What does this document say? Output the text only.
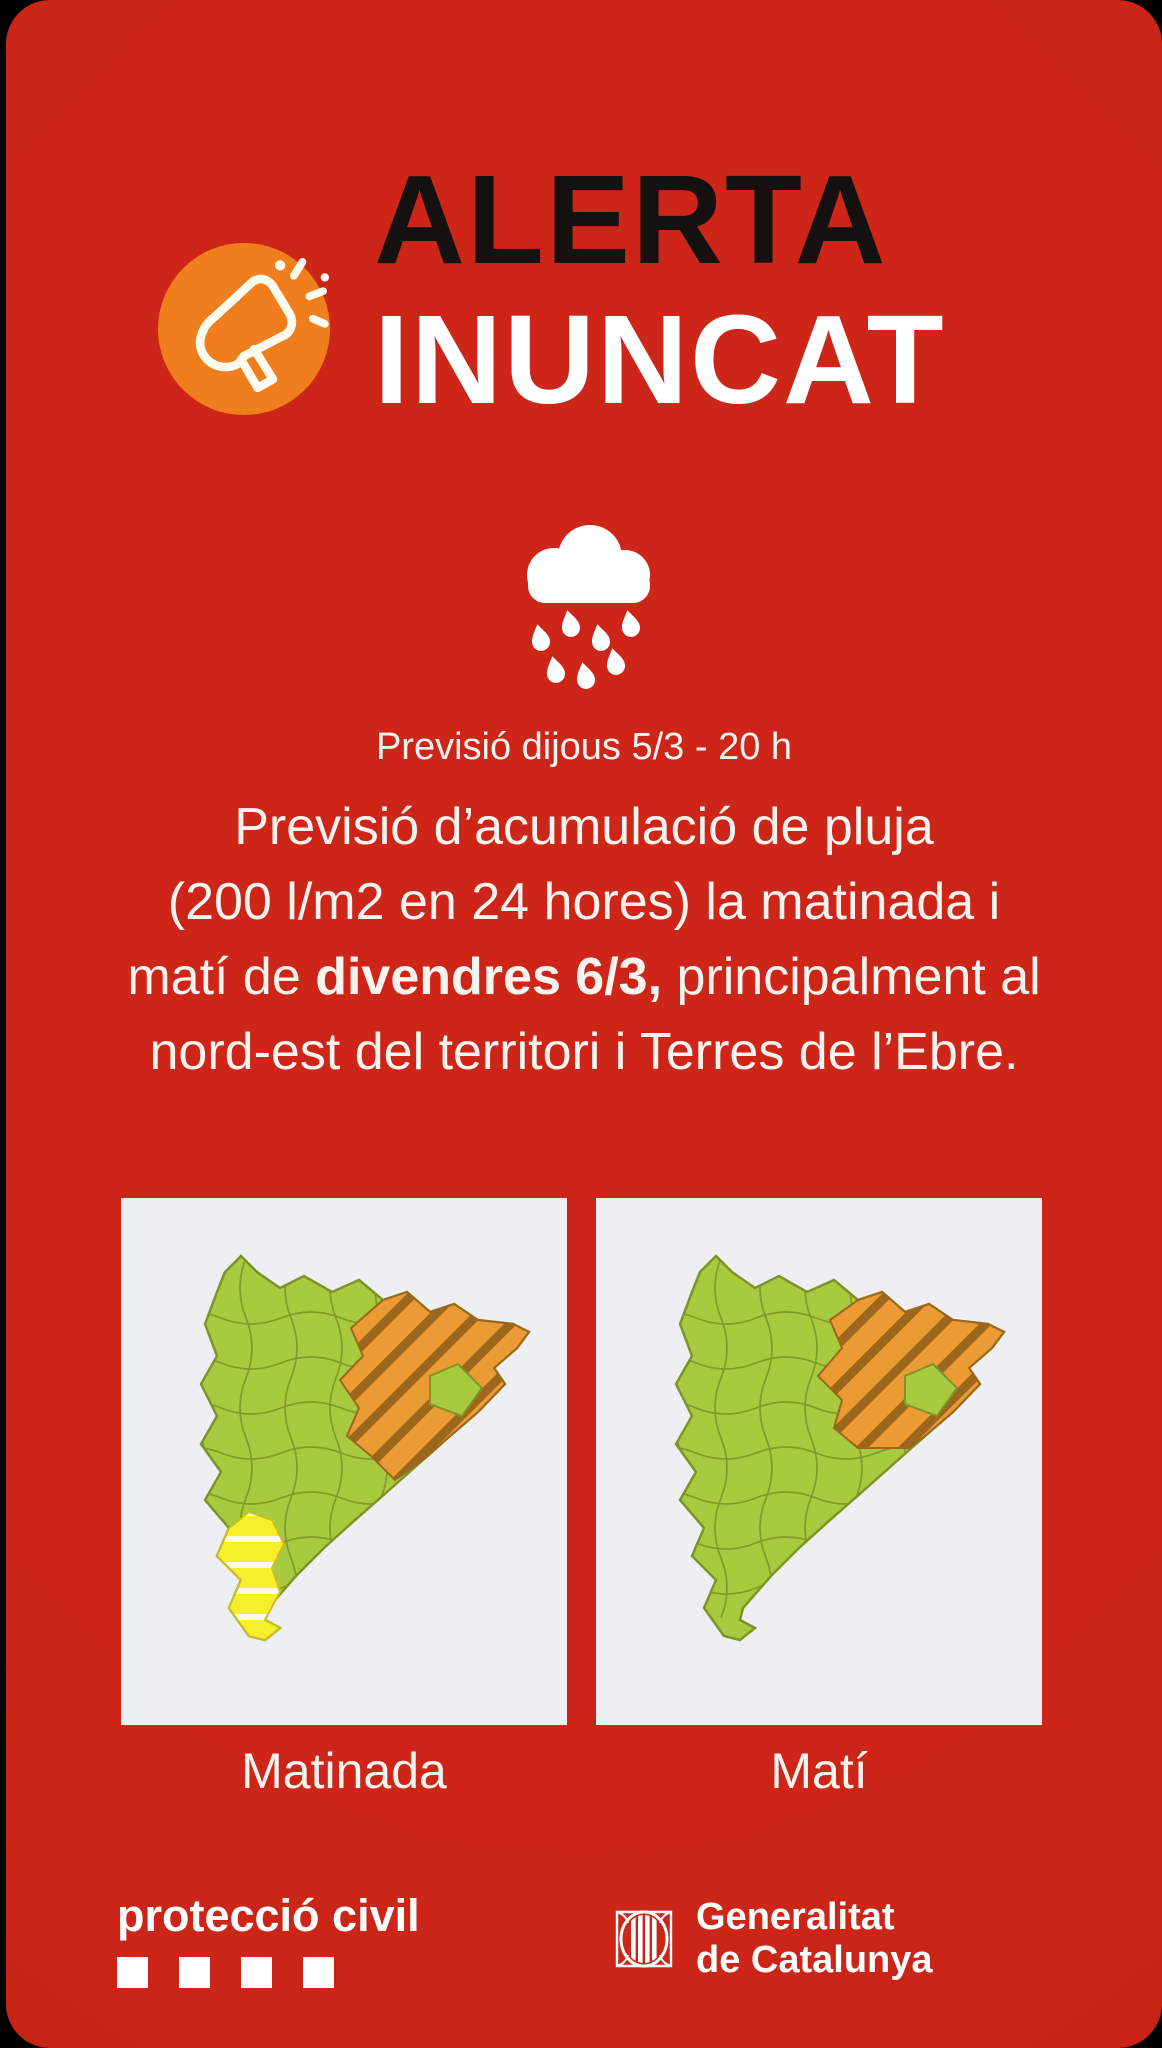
ALERTA
INUNCAT
Previsió dijous 5/3 - 20 h
Previsió d’acumulació de pluja
(200 l/m2 en 24 hores) la matinada i
matí de divendres 6/3, principalment al
nord-est del territori i Terres de l’Ebre.
Matinada	Matí
protecció civil	Generalitat
de Catalunya
